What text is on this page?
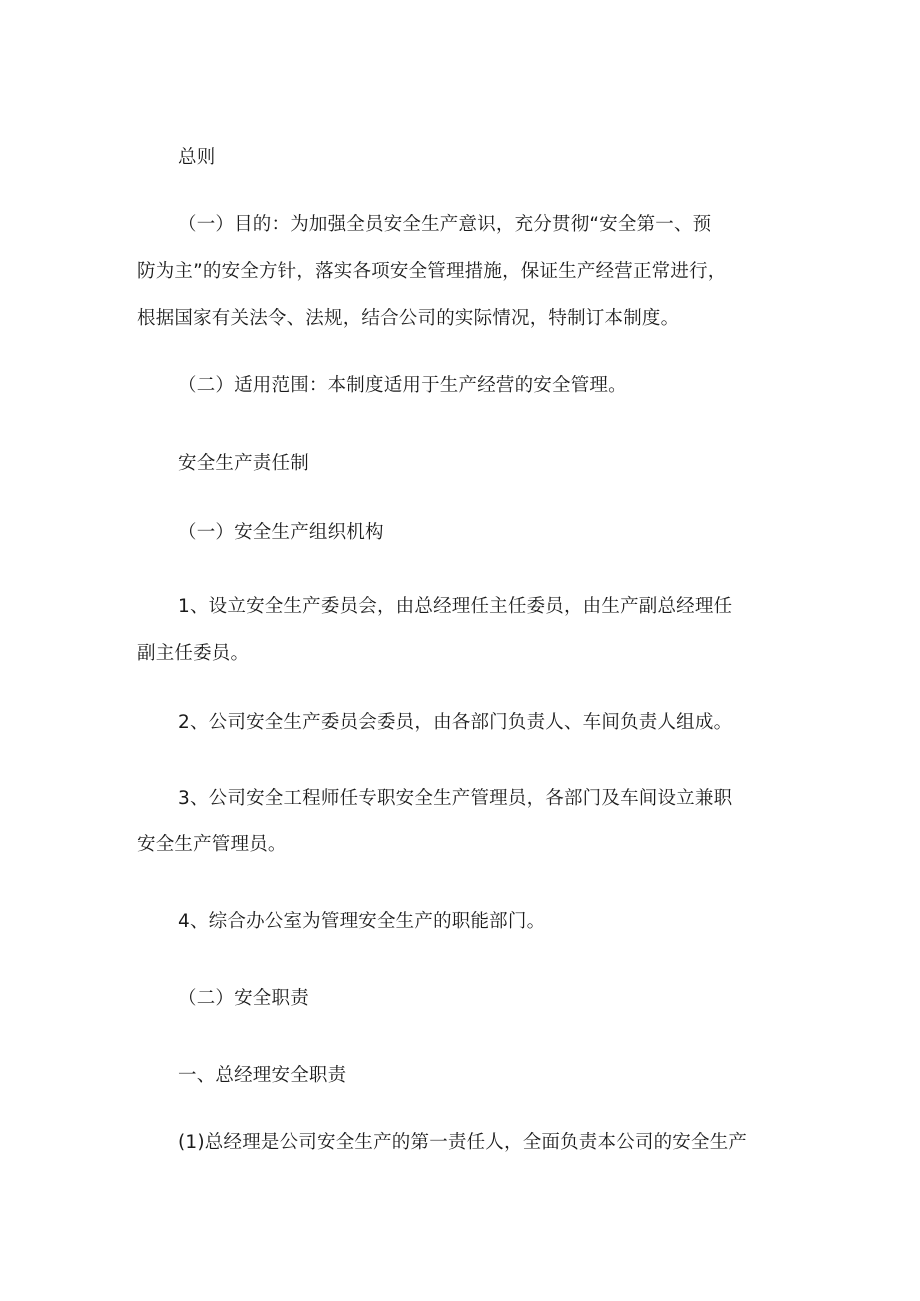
总则
（一）目的：为加强全员安全生产意识，充分贯彻“安全第一、预
防为主”的安全方针，落实各项安全管理措施，保证生产经营正常进行，
根据国家有关法令、法规，结合公司的实际情况，特制订本制度。
（二）适用范围：本制度适用于生产经营的安全管理。
安全生产责任制
（一）安全生产组织机构
1、设立安全生产委员会，由总经理任主任委员，由生产副总经理任
副主任委员。
2、公司安全生产委员会委员，由各部门负责人、车间负责人组成。
3、公司安全工程师任专职安全生产管理员，各部门及车间设立兼职
安全生产管理员。
4、综合办公室为管理安全生产的职能部门。
（二）安全职责
一、总经理安全职责
(1)总经理是公司安全生产的第一责任人，全面负责本公司的安全生产
